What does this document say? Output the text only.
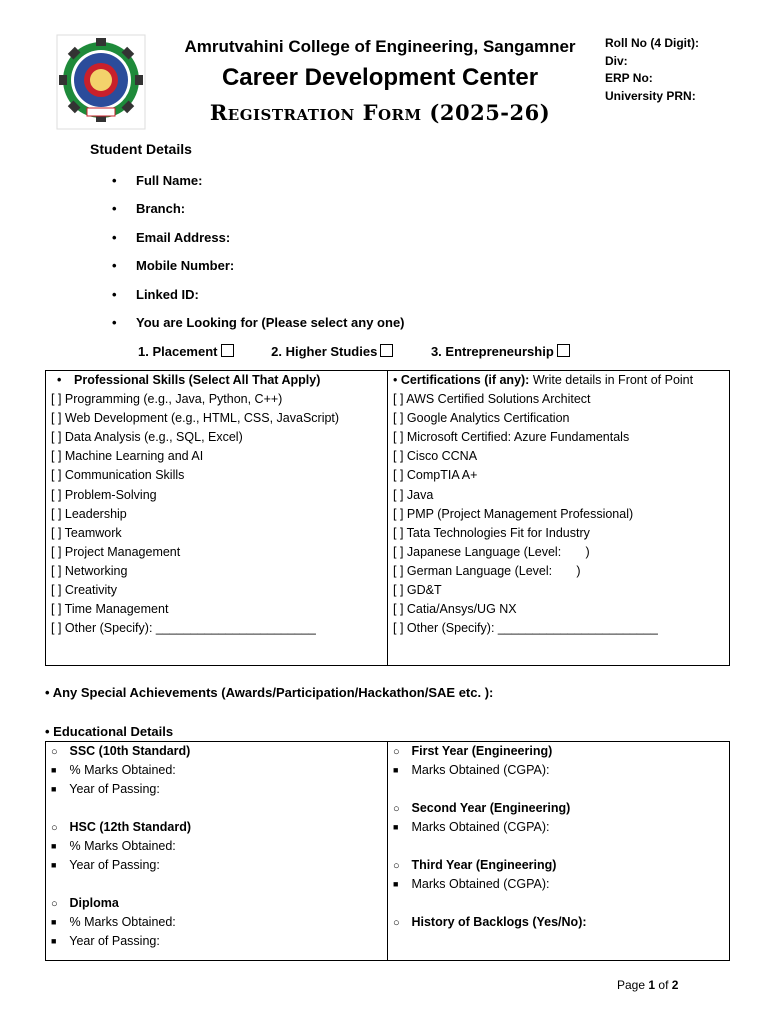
Amrutvahini College of Engineering, Sangamner
Career Development Center
Registration Form (2025-26)
Roll No (4 Digit):
Div:
ERP No:
University PRN:
Student Details
• Full Name:
• Branch:
• Email Address:
• Mobile Number:
• Linked ID:
• You are Looking for (Please select any one)
1. Placement	2. Higher Studies	3. Entrepreneurship
• Professional Skills (Select All That Apply)
[ ] Programming (e.g., Java, Python, C++)
[ ] Web Development (e.g., HTML, CSS, JavaScript)
[ ] Data Analysis (e.g., SQL, Excel)
[ ] Machine Learning and AI
[ ] Communication Skills
[ ] Problem-Solving
[ ] Leadership
[ ] Teamwork
[ ] Project Management
[ ] Networking
[ ] Creativity
[ ] Time Management
[ ] Other (Specify): _______________________

• Certifications (if any): Write details in Front of Point
[ ] AWS Certified Solutions Architect
[ ] Google Analytics Certification
[ ] Microsoft Certified: Azure Fundamentals
[ ] Cisco CCNA
[ ] CompTIA A+
[ ] Java
[ ] PMP (Project Management Professional)
[ ] Tata Technologies Fit for Industry
[ ] Japanese Language (Level:       )
[ ] German Language (Level:       )
[ ] GD&T
[ ] Catia/Ansys/UG NX
[ ] Other (Specify): _______________________
• Any Special Achievements (Awards/Participation/Hackathon/SAE etc. ):
• Educational Details
○ SSC (10th Standard)
■ % Marks Obtained:
■ Year of Passing:
○ HSC (12th Standard)
■ % Marks Obtained:
■ Year of Passing:
○ Diploma
■ % Marks Obtained:
■ Year of Passing:

○ First Year (Engineering)
■ Marks Obtained (CGPA):
○ Second Year (Engineering)
■ Marks Obtained (CGPA):
○ Third Year (Engineering)
■ Marks Obtained (CGPA):
○ History of Backlogs (Yes/No):
Page 1 of 2
